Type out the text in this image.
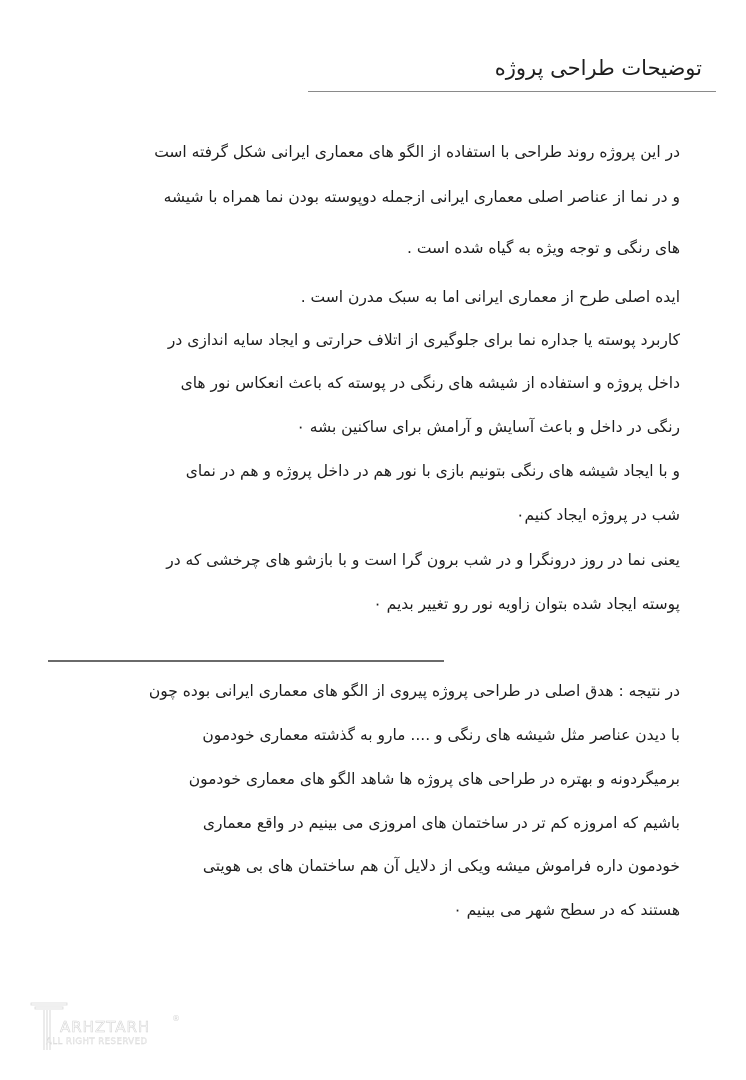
توضیحات طراحی پروژه
در این پروژه روند طراحی با استفاده از الگو های معماری ایرانی شکل گرفته است
و در نما از عناصر اصلی معماری ایرانی ازجمله دوپوسته بودن نما همراه با شیشه
های رنگی و توجه ویژه به گیاه شده است .
ایده اصلی طرح از معماری ایرانی اما به سبک مدرن است .
کاربرد پوسته یا جداره نما برای جلوگیری از اتلاف حرارتی و ایجاد سایه اندازی در
داخل پروژه و استفاده از شیشه های رنگی در پوسته که باعث انعکاس نور های
رنگی در داخل و باعث آسایش و آرامش برای ساکنین بشه ٠
و با ایجاد شیشه های رنگی بتونیم بازی با نور هم در داخل پروژه و هم در نمای
شب در پروژه ایجاد کنیم٠
یعنی نما در روز درونگرا و در شب برون گرا است و با بازشو های چرخشی که در
پوسته ایجاد شده بتوان زاویه نور رو تغییر بدیم ٠
در نتیجه : هدق اصلی در طراحی پروژه پیروی از الگو های معماری ایرانی بوده چون
با دیدن عناصر مثل شیشه های رنگی و .... مارو به گذشته معماری خودمون
برمیگردونه و بهتره در طراحی های پروژه ها شاهد الگو های معماری خودمون
باشیم که امروزه کم تر در ساختمان های امروزی می بینیم در واقع معماری
خودمون داره فراموش میشه ویکی از دلایل آن هم ساختمان های بی هویتی
هستند که در سطح شهر می بینیم ٠
ARHZTARH	®
ALL RIGHT RESERVED
